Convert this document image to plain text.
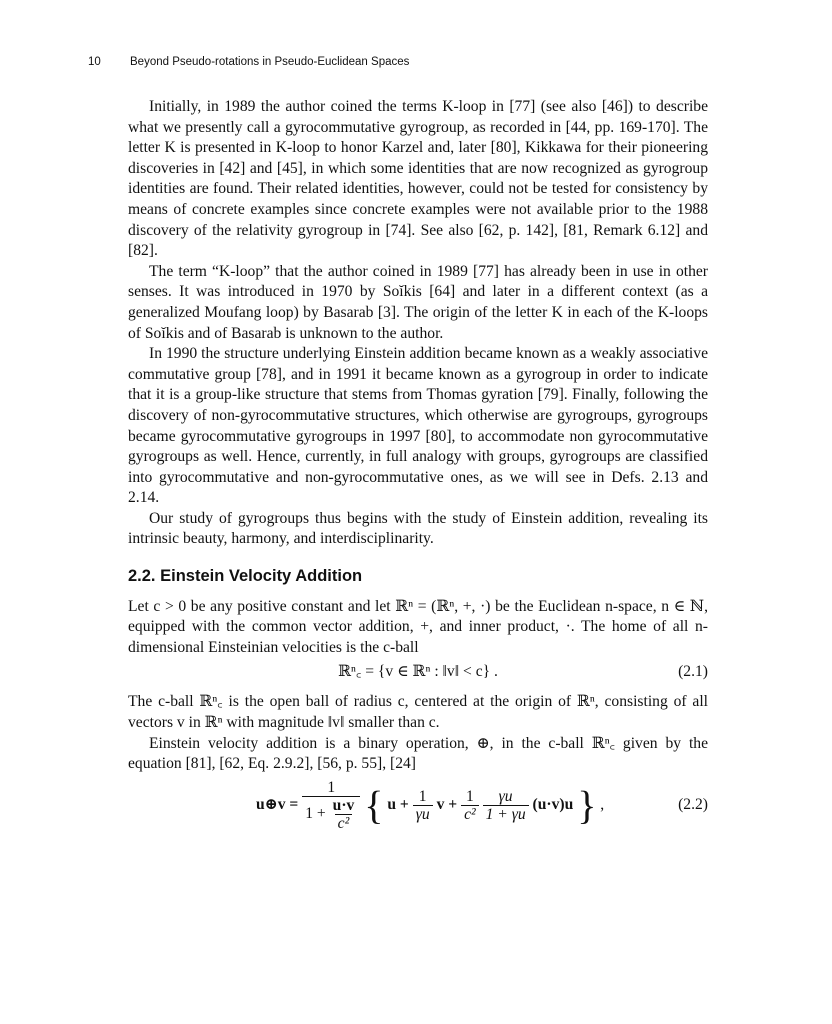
10	Beyond Pseudo-rotations in Pseudo-Euclidean Spaces

Initially, in 1989 the author coined the terms K-loop in [77] (see also [46]) to describe what we presently call a gyrocommutative gyrogroup, as recorded in [44, pp. 169-170]. The letter K is presented in K-loop to honor Karzel and, later [80], Kikkawa for their pioneering discoveries in [42] and [45], in which some identities that are now recognized as gyrogroup identities are found. Their related identities, however, could not be tested for consistency by means of concrete examples since concrete examples were not available prior to the 1988 discovery of the relativity gyrogroup in [74]. See also [62, p. 142], [81, Remark 6.12] and [82].

The term “K-loop” that the author coined in 1989 [77] has already been in use in other senses. It was introduced in 1970 by Soĭkis [64] and later in a different context (as a generalized Moufang loop) by Basarab [3]. The origin of the letter K in each of the K-loops of Soĭkis and of Basarab is unknown to the author.

In 1990 the structure underlying Einstein addition became known as a weakly associative commutative group [78], and in 1991 it became known as a gyrogroup in order to indicate that it is a group-like structure that stems from Thomas gyration [79]. Finally, following the discovery of non-gyrocommutative structures, which otherwise are gyrogroups, gyrogroups became gyrocommutative gyrogroups in 1997 [80], to accommodate non gyrocommutative gyrogroups as well. Hence, currently, in full analogy with groups, gyrogroups are classified into gyrocommutative and non-gyrocommutative ones, as we will see in Defs. 2.13 and 2.14.

Our study of gyrogroups thus begins with the study of Einstein addition, revealing its intrinsic beauty, harmony, and interdisciplinarity.

2.2. Einstein Velocity Addition

Let c > 0 be any positive constant and let ℝⁿ = (ℝⁿ, +, ·) be the Euclidean n-space, n ∈ ℕ, equipped with the common vector addition, +, and inner product, ·. The home of all n-dimensional Einsteinian velocities is the c-ball

ℝⁿ꜀ = {v ∈ ℝⁿ : ‖v‖ < c} .	(2.1)

The c-ball ℝⁿ꜀ is the open ball of radius c, centered at the origin of ℝⁿ, consisting of all vectors v in ℝⁿ with magnitude ‖v‖ smaller than c.

Einstein velocity addition is a binary operation, ⊕, in the c-ball ℝⁿ꜀ given by the equation [81], [62, Eq. 2.9.2], [56, p. 55], [24]

u⊕v = $\frac{1}{1 + \frac{u\cdot v}{\text{c²}}}$ { $u + \frac{1}{\gamma u}$ $v + \frac{1}{\text{c²}}$
$\frac{\gamma u}{1 + \gamma u} (u\cdot v)u$ } ,	(2.2)
